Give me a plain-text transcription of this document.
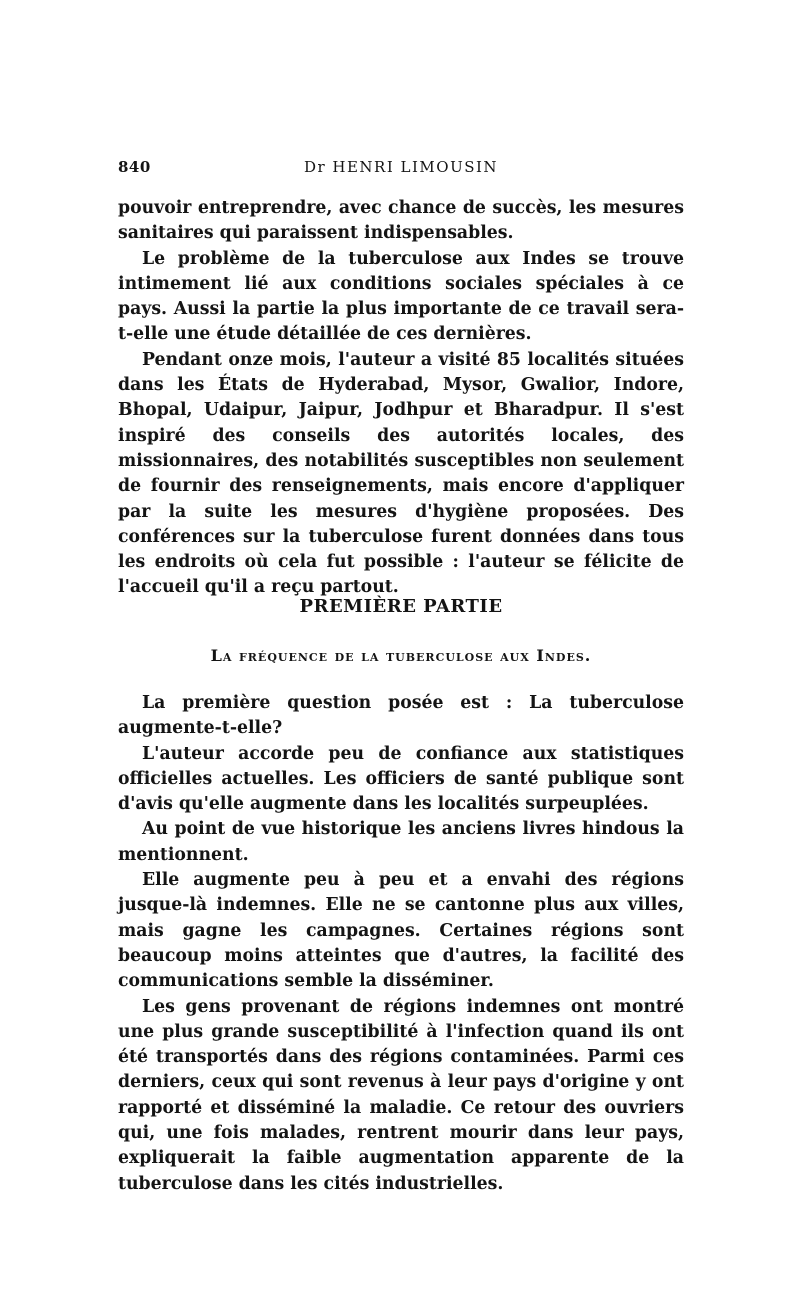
840	Dr HENRI LIMOUSIN

pouvoir entreprendre, avec chance de succès, les mesures sanitaires qui paraissent indispensables.

Le problème de la tuberculose aux Indes se trouve intimement lié aux conditions sociales spéciales à ce pays. Aussi la partie la plus importante de ce travail sera-t-elle une étude détaillée de ces dernières.

Pendant onze mois, l'auteur a visité 85 localités situées dans les États de Hyderabad, Mysor, Gwalior, Indore, Bhopal, Udaipur, Jaipur, Jodhpur et Bharadpur. Il s'est inspiré des conseils des autorités locales, des missionnaires, des notabilités susceptibles non seulement de fournir des renseignements, mais encore d'appliquer par la suite les mesures d'hygiène proposées. Des conférences sur la tuberculose furent données dans tous les endroits où cela fut possible : l'auteur se félicite de l'accueil qu'il a reçu partout.

PREMIÈRE PARTIE
La fréquence de la tuberculose aux Indes.

La première question posée est : La tuberculose augmente-t-elle?

L'auteur accorde peu de confiance aux statistiques officielles actuelles. Les officiers de santé publique sont d'avis qu'elle augmente dans les localités surpeuplées.

Au point de vue historique les anciens livres hindous la mentionnent.

Elle augmente peu à peu et a envahi des régions jusque-là indemnes. Elle ne se cantonne plus aux villes, mais gagne les campagnes. Certaines régions sont beaucoup moins atteintes que d'autres, la facilité des communications semble la disséminer.

Les gens provenant de régions indemnes ont montré une plus grande susceptibilité à l'infection quand ils ont été transportés dans des régions contaminées. Parmi ces derniers, ceux qui sont revenus à leur pays d'origine y ont rapporté et disséminé la maladie. Ce retour des ouvriers qui, une fois malades, rentrent mourir dans leur pays, expliquerait la faible augmentation apparente de la tuberculose dans les cités industrielles.
